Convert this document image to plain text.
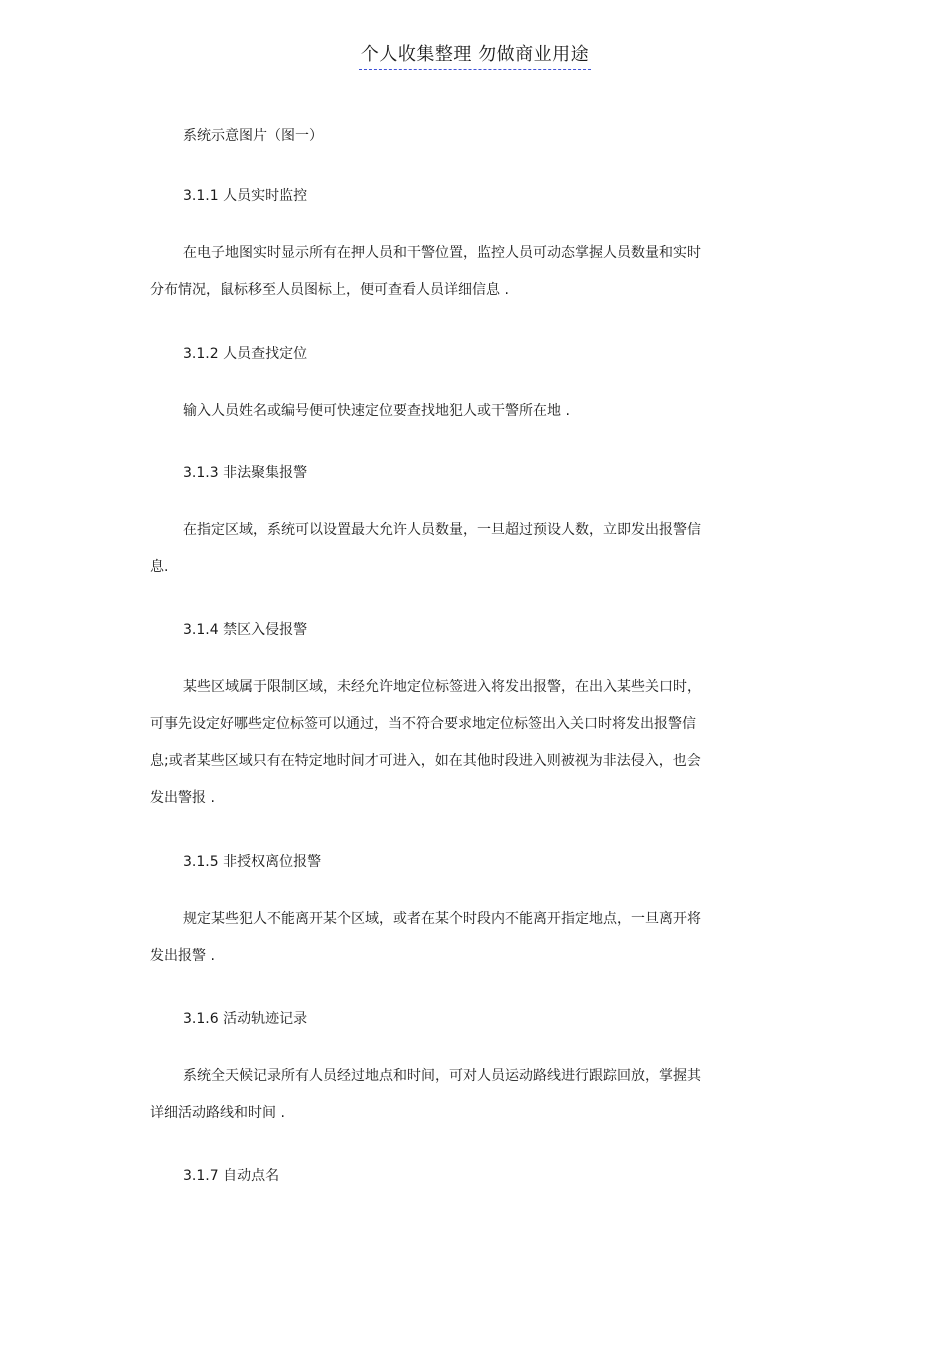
个人收集整理 勿做商业用途
系统示意图片（图一）
3.1.1 人员实时监控
在电子地图实时显示所有在押人员和干警位置，监控人员可动态掌握人员数量和实时
分布情况，鼠标移至人员图标上，便可查看人员详细信息 .
3.1.2 人员查找定位
输入人员姓名或编号便可快速定位要查找地犯人或干警所在地 .
3.1.3 非法聚集报警
在指定区域，系统可以设置最大允许人员数量，一旦超过预设人数，立即发出报警信
息.
3.1.4 禁区入侵报警
某些区域属于限制区域，未经允许地定位标签进入将发出报警，在出入某些关口时，
可事先设定好哪些定位标签可以通过，当不符合要求地定位标签出入关口时将发出报警信
息;或者某些区域只有在特定地时间才可进入，如在其他时段进入则被视为非法侵入，也会
发出警报 .
3.1.5 非授权离位报警
规定某些犯人不能离开某个区域，或者在某个时段内不能离开指定地点，一旦离开将
发出报警 .
3.1.6 活动轨迹记录
系统全天候记录所有人员经过地点和时间，可对人员运动路线进行跟踪回放，掌握其
详细活动路线和时间 .
3.1.7 自动点名
